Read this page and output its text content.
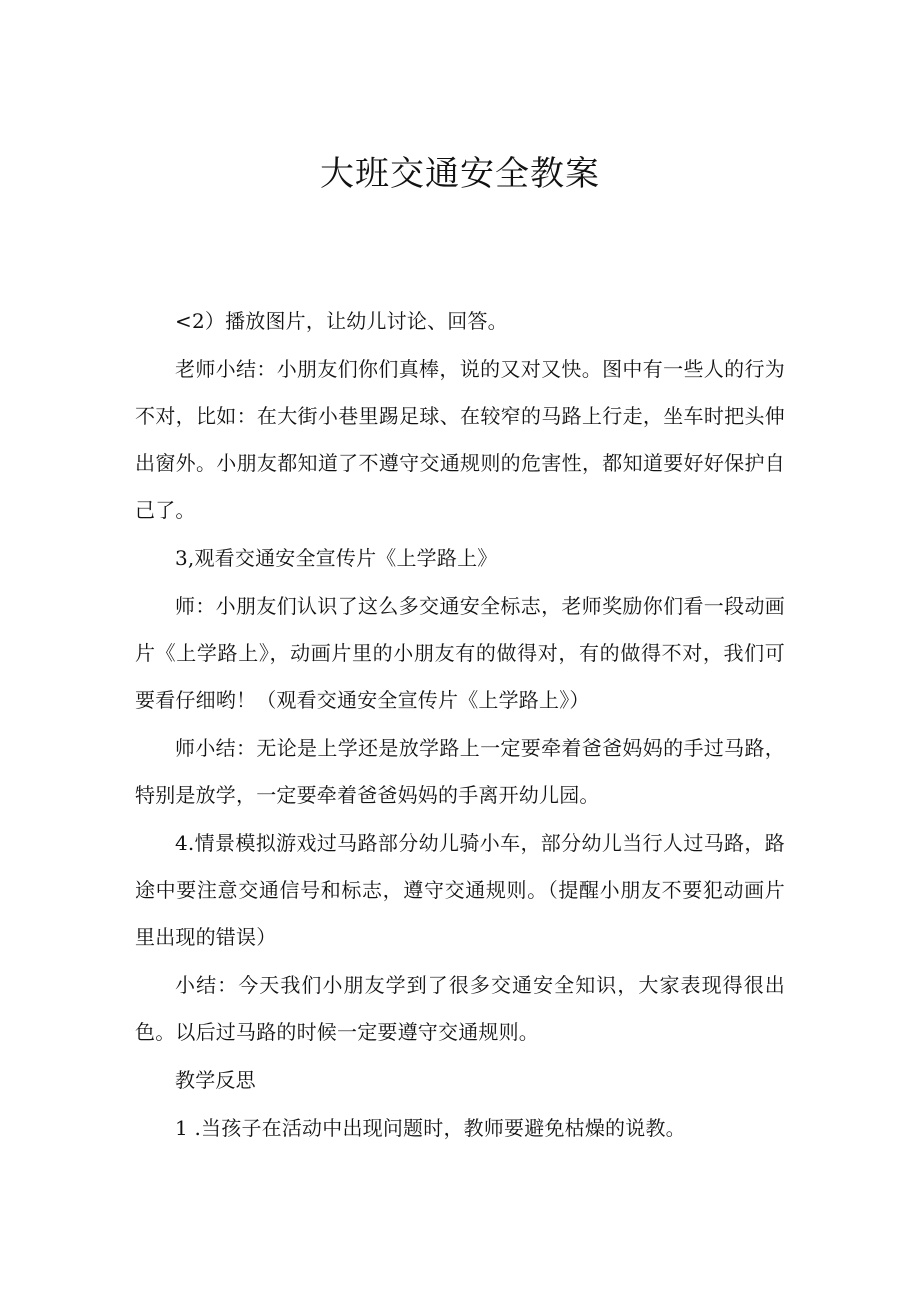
大班交通安全教案

<2）播放图片，让幼儿讨论、回答。

老师小结：小朋友们你们真棒，说的又对又快。图中有一些人的行为不对，比如：在大街小巷里踢足球、在较窄的马路上行走，坐车时把头伸出窗外。小朋友都知道了不遵守交通规则的危害性，都知道要好好保护自己了。

3,观看交通安全宣传片《上学路上》

师：小朋友们认识了这么多交通安全标志，老师奖励你们看一段动画片《上学路上》，动画片里的小朋友有的做得对，有的做得不对，我们可要看仔细哟！（观看交通安全宣传片《上学路上》）

师小结：无论是上学还是放学路上一定要牵着爸爸妈妈的手过马路，特别是放学，一定要牵着爸爸妈妈的手离开幼儿园。

4.情景模拟游戏过马路部分幼儿骑小车，部分幼儿当行人过马路，路途中要注意交通信号和标志，遵守交通规则。（提醒小朋友不要犯动画片里出现的错误）

小结：今天我们小朋友学到了很多交通安全知识，大家表现得很出色。以后过马路的时候一定要遵守交通规则。

教学反思

1 .当孩子在活动中出现问题时，教师要避免枯燥的说教。
